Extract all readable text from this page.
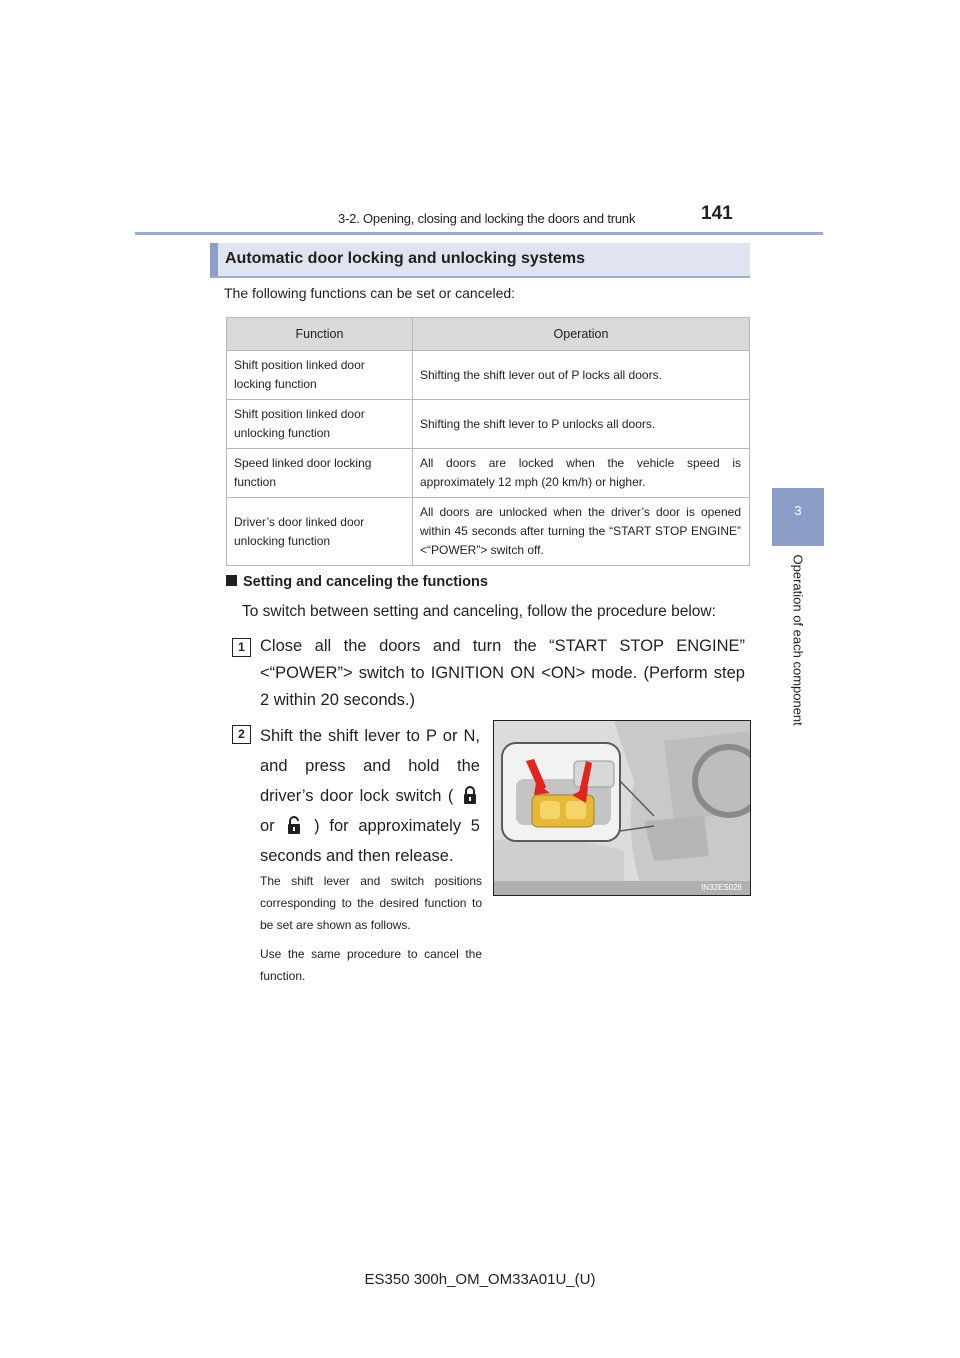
3-2. Opening, closing and locking the doors and trunk	141
3
Operation of each component
Automatic door locking and unlocking systems
The following functions can be set or canceled:
Function	Operation
Shift position linked door locking function	Shifting the shift lever out of P locks all doors.
Shift position linked door unlocking function	Shifting the shift lever to P unlocks all doors.
Speed linked door locking function	All doors are locked when the vehicle speed is approximately 12 mph (20 km/h) or higher.
Driver’s door linked door unlocking function	All doors are unlocked when the driver’s door is opened within 45 seconds after turning the “START STOP ENGINE” <“POWER”> switch off.
Setting and canceling the functions
To switch between setting and canceling, follow the procedure below:
1 Close all the doors and turn the “START STOP ENGINE” <“POWER”> switch to IGNITION ON <ON> mode. (Perform step 2 within 20 seconds.)
2 Shift the shift lever to P or N, and press and hold the driver’s door lock switch (  or ) for approximately 5 seconds and then release.
The shift lever and switch positions corresponding to the desired function to be set are shown as follows.
Use the same procedure to cancel the function.
IN32ES026
ES350 300h_OM_OM33A01U_(U)
